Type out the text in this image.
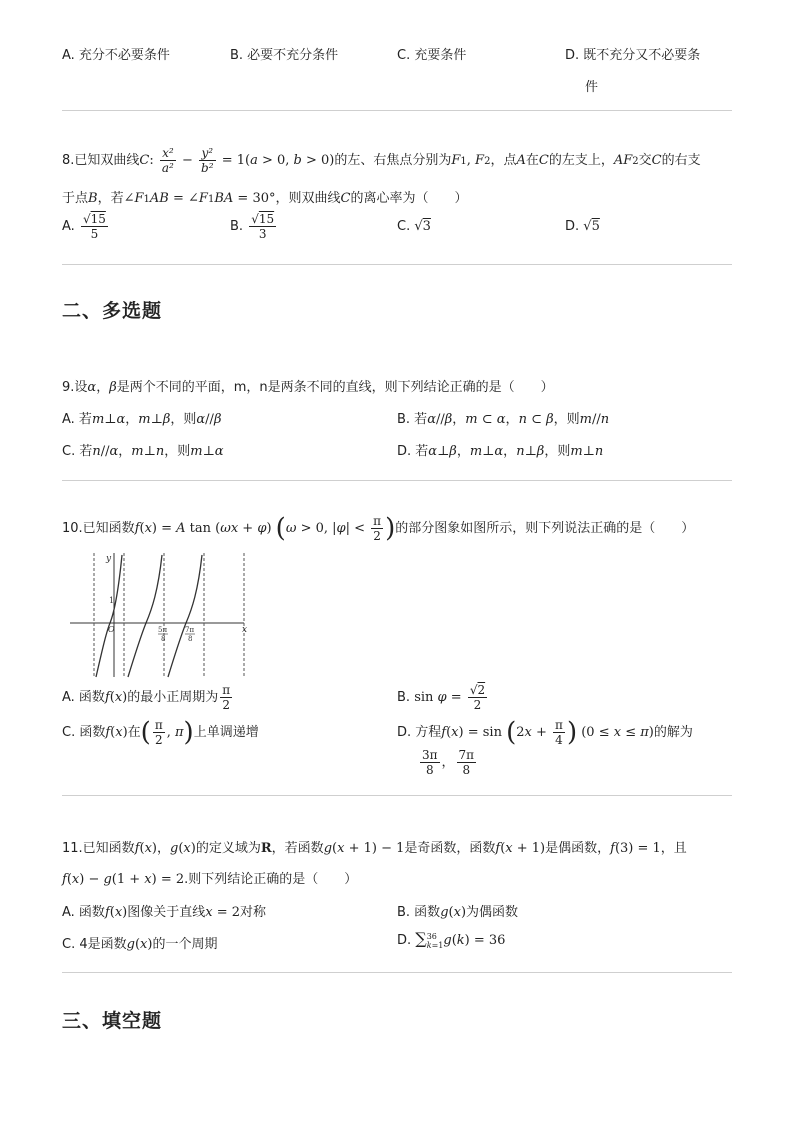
A. 充分不必要条件	B. 必要不充分条件	C. 充要条件	D. 既不充分又不必要条
件
8.已知双曲线C: $\frac{\text{x²}}{\text{a²}} - \frac{\text{y²}}{\text{b²}} = 1(a > 0$, b > 0)的左、右焦点分别为F1, F2，点A在C的左支上，AF2交C的右支
于点B，若∠F1AB = ∠F1BA = 30°，则双曲线C的离心率为（　　）
A. $\frac{√15}{5}$	B. $\frac{√15}{3}$	C. √3	D. √5
二、多选题
9.设α，β是两个不同的平面，m，n是两条不同的直线，则下列结论正确的是（　　）
A. 若m⊥α，m⊥β，则α//β	B. 若α//β，m ⊂ α，n ⊂ β，则m//n
C. 若n//α，m⊥n，则m⊥α	D. 若α⊥β，m⊥α，n⊥β，则m⊥n
10.已知函数f(x) = A tan (ωx + φ) (ω > 0, $|\varphi| < \frac{\pi}{2}$ )的部分图象如图所示，则下列说法正确的是（　　）
y
x
O
1
5π
8
7π
8
A. 函数f(x)的最小正周期为 $\frac{\pi}{2}$	B. $\sin \varphi = \frac{√2}{2}$
C. 函数f(x)在( $\frac{\pi}{2}$ , π)上单调递增	D. 方程$f(x) = \sin (2x + \frac{\pi}{4}$ ) (0 ≤ x ≤ π)的解为
$\frac{3\pi}{8}$ ， $\frac{7\pi}{8}$
11.已知函数f(x)，g(x)的定义域为R，若函数g(x + 1) − 1是奇函数，函数f(x + 1)是偶函数，f(3) = 1，且
f(x) − g(1 + x) = 2.则下列结论正确的是（　　）
A. 函数f(x)图像关于直线x = 2对称	B. 函数g(x)为偶函数
C. 4是函数g(x)的一个周期	D. ∑ 36
k=1 g(k) = 36
三、填空题
